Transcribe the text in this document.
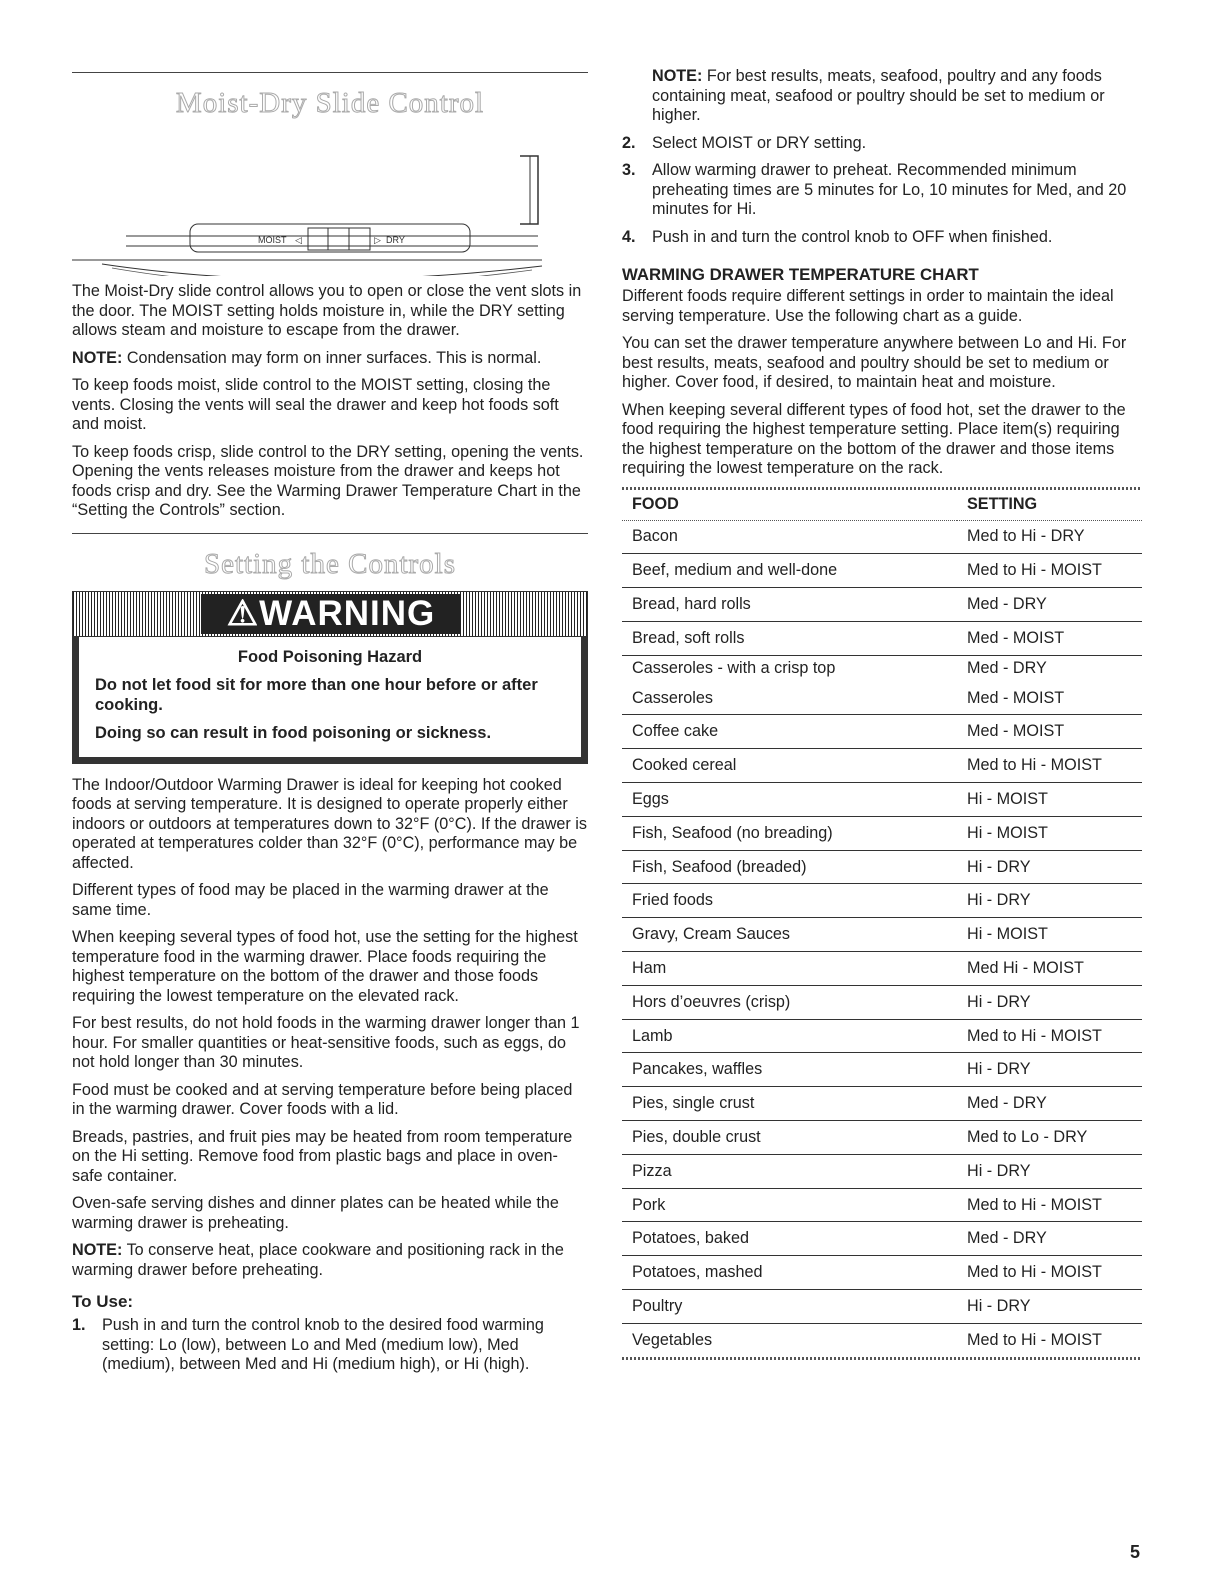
Moist-Dry Slide Control
MOIST ◁	▷ DRY

The Moist-Dry slide control allows you to open or close the vent slots in the door. The MOIST setting holds moisture in, while the DRY setting allows steam and moisture to escape from the drawer.

NOTE: Condensation may form on inner surfaces. This is normal.

To keep foods moist, slide control to the MOIST setting, closing the vents. Closing the vents will seal the drawer and keep hot foods soft and moist.

To keep foods crisp, slide control to the DRY setting, opening the vents. Opening the vents releases moisture from the drawer and keeps hot foods crisp and dry. See the Warming Drawer Temperature Chart in the “Setting the Controls” section.

Setting the Controls
⚠WARNING

Food Poisoning Hazard

Do not let food sit for more than one hour before or after cooking.

Doing so can result in food poisoning or sickness.

The Indoor/Outdoor Warming Drawer is ideal for keeping hot cooked foods at serving temperature. It is designed to operate properly either indoors or outdoors at temperatures down to 32°F (0°C). If the drawer is operated at temperatures colder than 32°F (0°C), performance may be affected.

Different types of food may be placed in the warming drawer at the same time.

When keeping several types of food hot, use the setting for the highest temperature food in the warming drawer. Place foods requiring the highest temperature on the bottom of the drawer and those foods requiring the lowest temperature on the elevated rack.

For best results, do not hold foods in the warming drawer longer than 1 hour. For smaller quantities or heat-sensitive foods, such as eggs, do not hold longer than 30 minutes.

Food must be cooked and at serving temperature before being placed in the warming drawer. Cover foods with a lid.

Breads, pastries, and fruit pies may be heated from room temperature on the Hi setting. Remove food from plastic bags and place in oven-safe container.

Oven-safe serving dishes and dinner plates can be heated while the warming drawer is preheating.

NOTE: To conserve heat, place cookware and positioning rack in the warming drawer before preheating.

To Use:
1. Push in and turn the control knob to the desired food warming setting: Lo (low), between Lo and Med (medium low), Med (medium), between Med and Hi (medium high), or Hi (high).

NOTE: For best results, meats, seafood, poultry and any foods containing meat, seafood or poultry should be set to medium or higher.

2. Select MOIST or DRY setting.
3. Allow warming drawer to preheat. Recommended minimum preheating times are 5 minutes for Lo, 10 minutes for Med, and 20 minutes for Hi.
4. Push in and turn the control knob to OFF when finished.
WARMING DRAWER TEMPERATURE CHART

Different foods require different settings in order to maintain the ideal serving temperature. Use the following chart as a guide.

You can set the drawer temperature anywhere between Lo and Hi. For best results, meats, seafood and poultry should be set to medium or higher. Cover food, if desired, to maintain heat and moisture.

When keeping several different types of food hot, set the drawer to the food requiring the highest temperature setting. Place item(s) requiring the highest temperature on the bottom of the drawer and those items requiring the lowest temperature on the rack.

FOOD	SETTING
Bacon	Med to Hi - DRY
Beef, medium and well-done	Med to Hi - MOIST
Bread, hard rolls	Med - DRY
Bread, soft rolls	Med - MOIST
Casseroles - with a crisp top	Med - DRY
Casseroles	Med - MOIST
Coffee cake	Med - MOIST
Cooked cereal	Med to Hi - MOIST
Eggs	Hi - MOIST
Fish, Seafood (no breading)	Hi - MOIST
Fish, Seafood (breaded)	Hi - DRY
Fried foods	Hi - DRY
Gravy, Cream Sauces	Hi - MOIST
Ham	Med Hi - MOIST
Hors d’oeuvres (crisp)	Hi - DRY
Lamb	Med to Hi - MOIST
Pancakes, waffles	Hi - DRY
Pies, single crust	Med - DRY
Pies, double crust	Med to Lo - DRY
Pizza	Hi - DRY
Pork	Med to Hi - MOIST
Potatoes, baked	Med - DRY
Potatoes, mashed	Med to Hi - MOIST
Poultry	Hi - DRY
Vegetables	Med to Hi - MOIST
5
